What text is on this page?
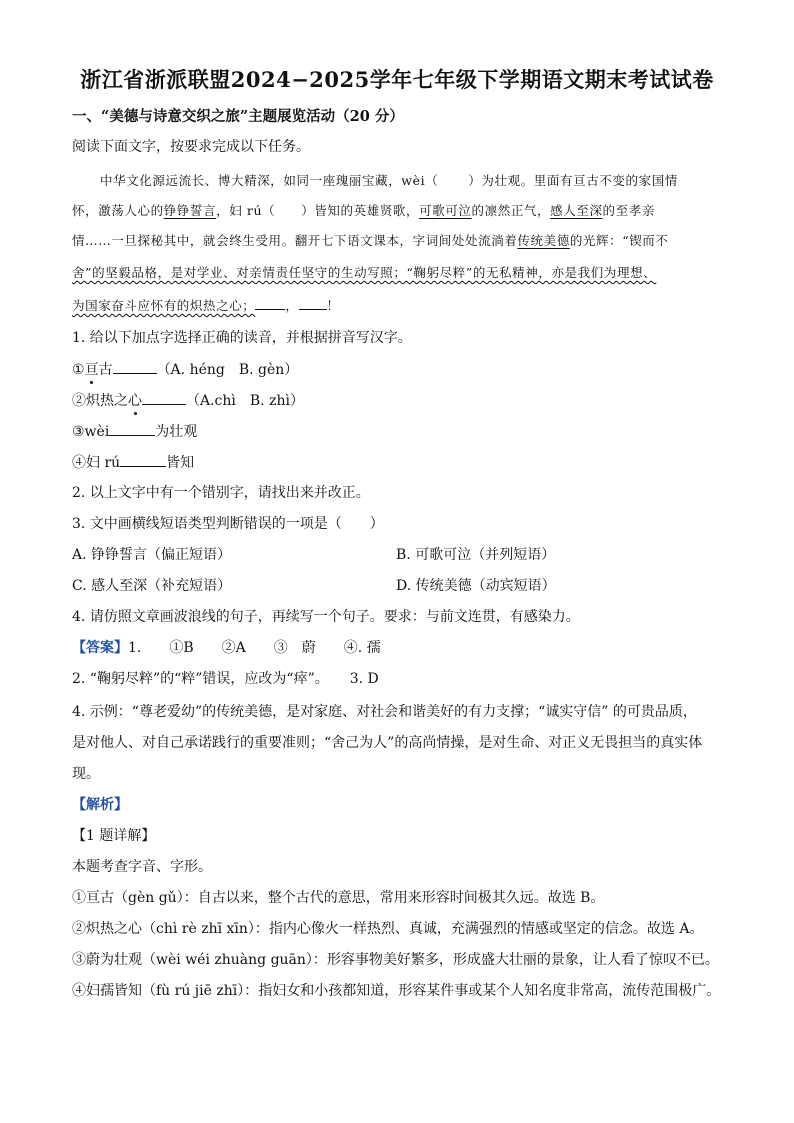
浙江省浙派联盟2024−2025学年七年级下学期语文期末考试试卷
一、“美德与诗意交织之旅”主题展览活动（20 分）
阅读下面文字，按要求完成以下任务。
中华文化源远流长、博大精深，如同一座瑰丽宝藏，wèi（ ）为壮观。里面有亘古不变的家国情
怀，激荡人心的铮铮誓言，妇 rú（ ）皆知的英雄贤歌，可歌可泣的凛然正气，感人至深的至孝亲
情……一旦探秘其中，就会终生受用。翻开七下语文课本，字词间处处流淌着传统美德的光辉：“锲而不
舍”的坚毅品格，是对学业、对亲情责任坚守的生动写照；“鞠躬尽粹”的无私精神，亦是我们为理想、
为国家奋斗应怀有的炽热之心； ， ！
1. 给以下加点字选择正确的读音，并根据拼音写汉字。
①亘古	（A. héng　B. gèn）
②炽热之心	（A.chì　B. zhì）
③wèi	为壮观
④妇 rú	皆知
2. 以上文字中有一个错别字，请找出来并改正。
3. 文中画横线短语类型判断错误的一项是（　　）
A. 铮铮誓言（偏正短语）	B. 可歌可泣（并列短语）
C. 感人至深（补充短语）	D. 传统美德（动宾短语）
4. 请仿照文章画波浪线的句子，再续写一个句子。要求：与前文连贯，有感染力。
【答案】1.　　①B　　②A　　③　蔚　　④. 孺
2. “鞠躬尽粹”的“粹”错误，应改为“瘁”。　　3. D
4. 示例：“尊老爱幼”的传统美德，是对家庭、对社会和谐美好的有力支撑；“诚实守信” 的可贵品质，
是对他人、对自己承诺践行的重要准则；“舍己为人”的高尚情操，是对生命、对正义无畏担当的真实体
现。
【解析】
【1 题详解】
本题考查字音、字形。
①亘古（gèn gǔ）：自古以来，整个古代的意思，常用来形容时间极其久远。故选 B。
②炽热之心（chì rè zhī xīn）：指内心像火一样热烈、真诚，充满强烈的情感或坚定的信念。故选 A。
③蔚为壮观（wèi wéi zhuàng guān）：形容事物美好繁多，形成盛大壮丽的景象，让人看了惊叹不已。
④妇孺皆知（fù rú jiē zhī）：指妇女和小孩都知道，形容某件事或某个人知名度非常高，流传范围极广。
